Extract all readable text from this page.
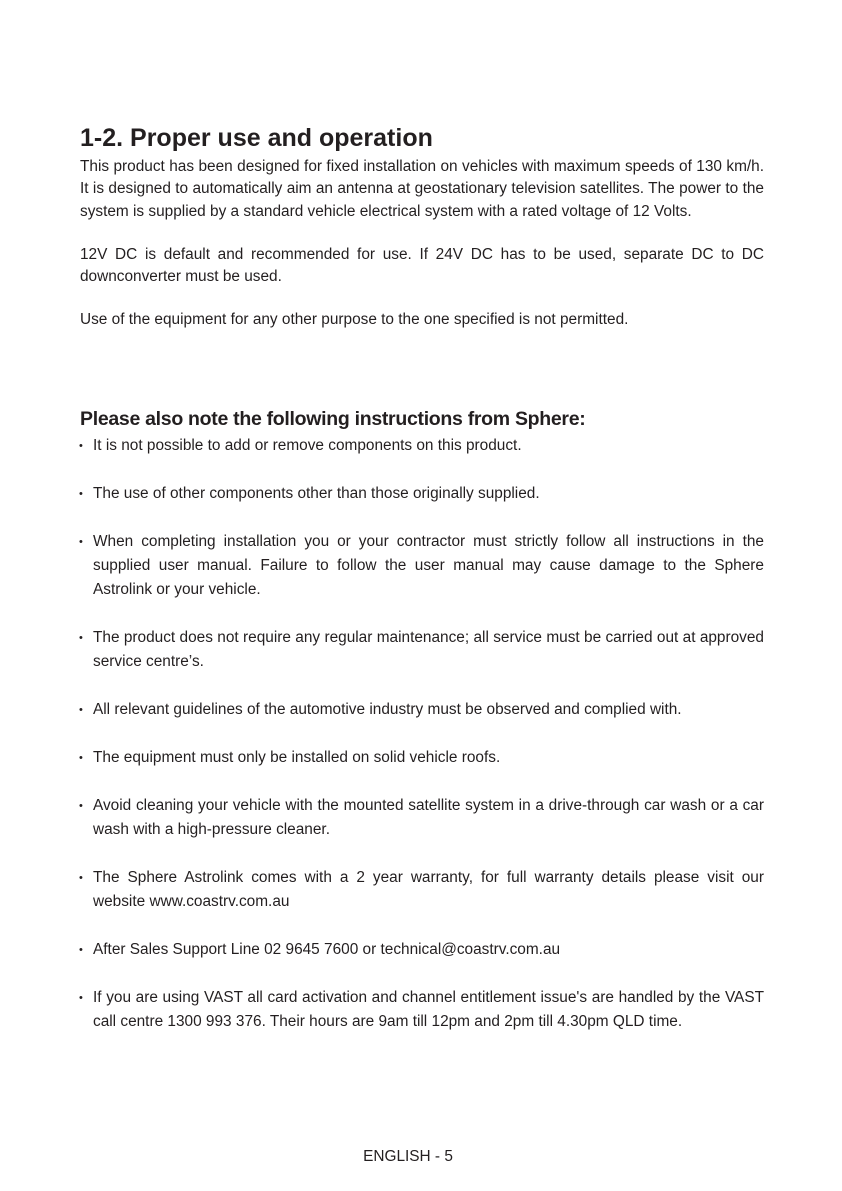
1-2. Proper use and operation

This product has been designed for fixed installation on vehicles with maximum speeds of 130 km/h. It is designed to automatically aim an antenna at geostationary television satellites. The power to the system is supplied by a standard vehicle electrical system with a rated voltage of 12 Volts.

12V DC is default and recommended for use. If 24V DC has to be used, separate DC to DC downconverter must be used.

Use of the equipment for any other purpose to the one specified is not permitted.

Please also note the following instructions from Sphere:
• It is not possible to add or remove components on this product.
• The use of other components other than those originally supplied.
• When completing installation you or your contractor must strictly follow all instructions in the supplied user manual. Failure to follow the user manual may cause damage to the Sphere Astrolink or your vehicle.
• The product does not require any regular maintenance; all service must be carried out at approved service centre’s.
• All relevant guidelines of the automotive industry must be observed and complied with.
• The equipment must only be installed on solid vehicle roofs.
• Avoid cleaning your vehicle with the mounted satellite system in a drive-through car wash or a car wash with a high-pressure cleaner.
• The Sphere Astrolink comes with a 2 year warranty, for full warranty details please visit our website www.coastrv.com.au
• After Sales Support Line 02 9645 7600 or technical@coastrv.com.au
• If you are using VAST all card activation and channel entitlement issue's are handled by the VAST call centre 1300 993 376. Their hours are 9am till 12pm and 2pm till 4.30pm QLD time.
ENGLISH - 5
